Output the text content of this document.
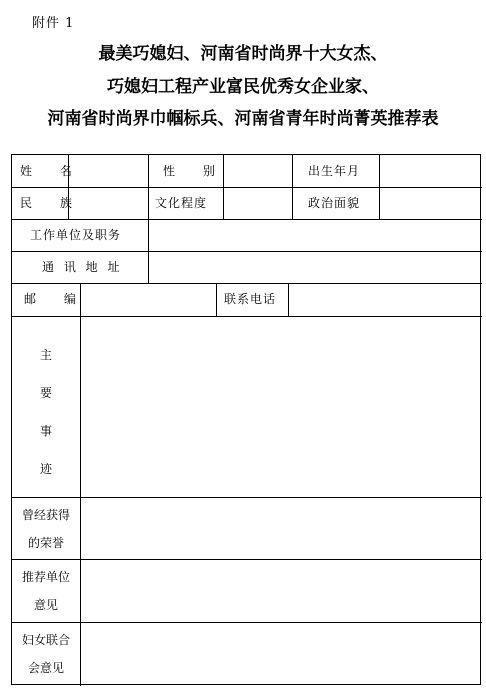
附件 1
最美巧媳妇、河南省时尚界十大女杰、
巧媳妇工程产业富民优秀女企业家、
河南省时尚界巾帼标兵、河南省青年时尚菁英推荐表
姓 名	性 别	出生年月
民 族	文化程度	政治面貌
工作单位及职务
通 讯 地 址
邮 编	联系电话
主
要
事
迹
曾经获得
的荣誉
推荐单位
意见
妇女联合
会意见
